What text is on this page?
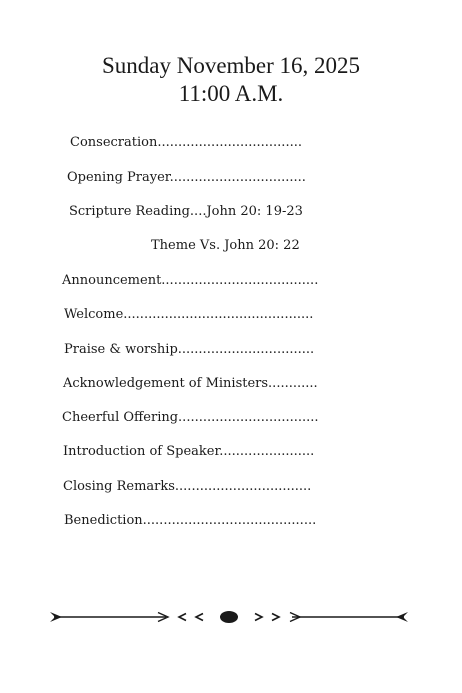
Sunday November 16, 2025
11:00 A.M.
Consecration...................................
Opening Prayer.................................
Scripture Reading....John 20: 19-23
Theme Vs. John 20: 22
Announcement......................................
Welcome..............................................
Praise & worship.................................
Acknowledgement of Ministers............
Cheerful Offering..................................
Introduction of Speaker.......................
Closing Remarks.................................
Benediction..........................................
